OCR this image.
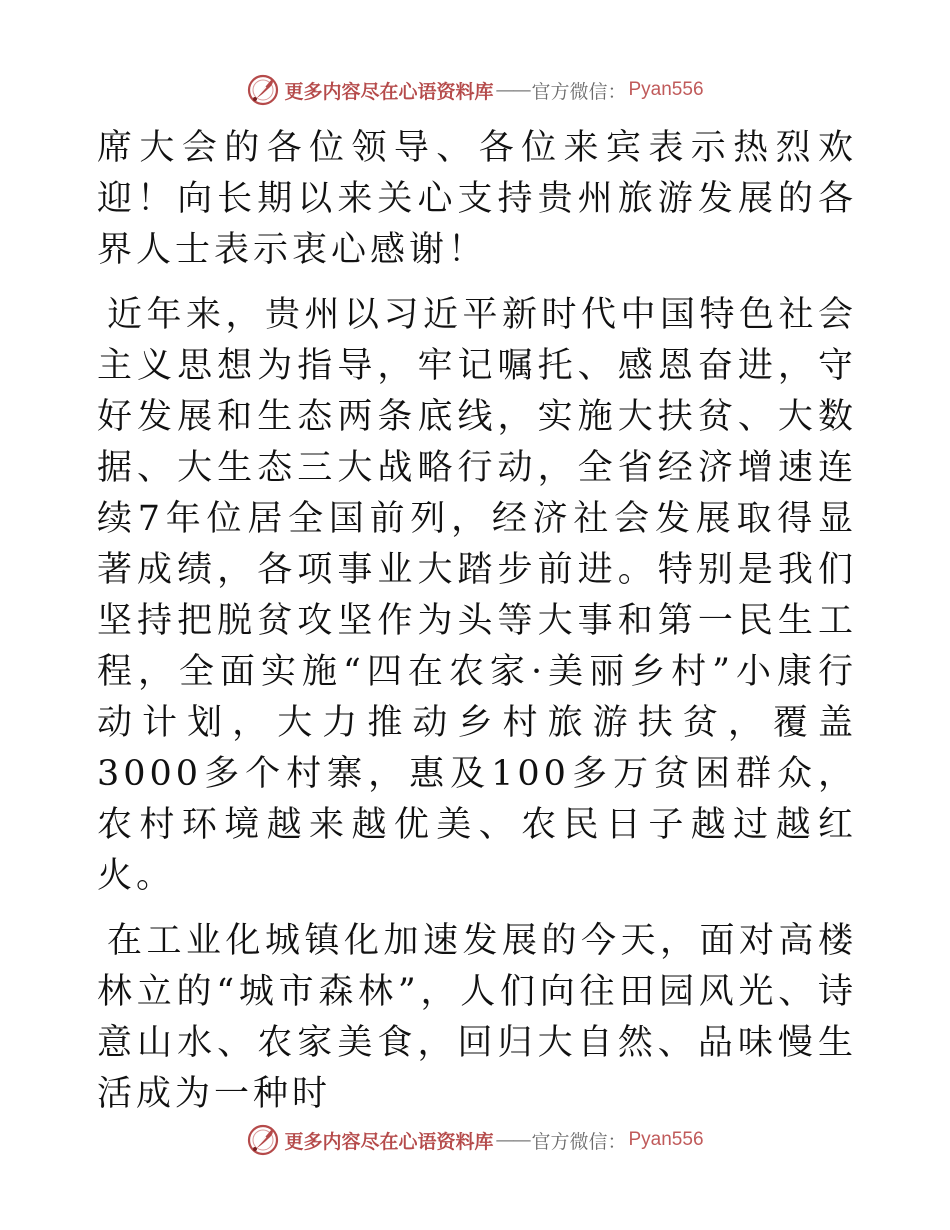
更多内容尽在心语资料库 —— 官方微信： Pyan556

席大会的各位领导、各位来宾表示热烈欢迎！向长期以来关心支持贵州旅游发展的各界人士表示衷心感谢！

近年来，贵州以习近平新时代中国特色社会主义思想为指导，牢记嘱托、感恩奋进，守好发展和生态两条底线，实施大扶贫、大数据、大生态三大战略行动，全省经济增速连续7年位居全国前列，经济社会发展取得显著成绩，各项事业大踏步前进。特别是我们坚持把脱贫攻坚作为头等大事和第一民生工程，全面实施“四在农家·美丽乡村”小康行动计划，大力推动乡村旅游扶贫，覆盖3000多个村寨，惠及100多万贫困群众，农村环境越来越优美、农民日子越过越红火。

在工业化城镇化加速发展的今天，面对高楼林立的“城市森林”，人们向往田园风光、诗意山水、农家美食，回归大自然、品味慢生活成为一种时

更多内容尽在心语资料库 —— 官方微信： Pyan556
